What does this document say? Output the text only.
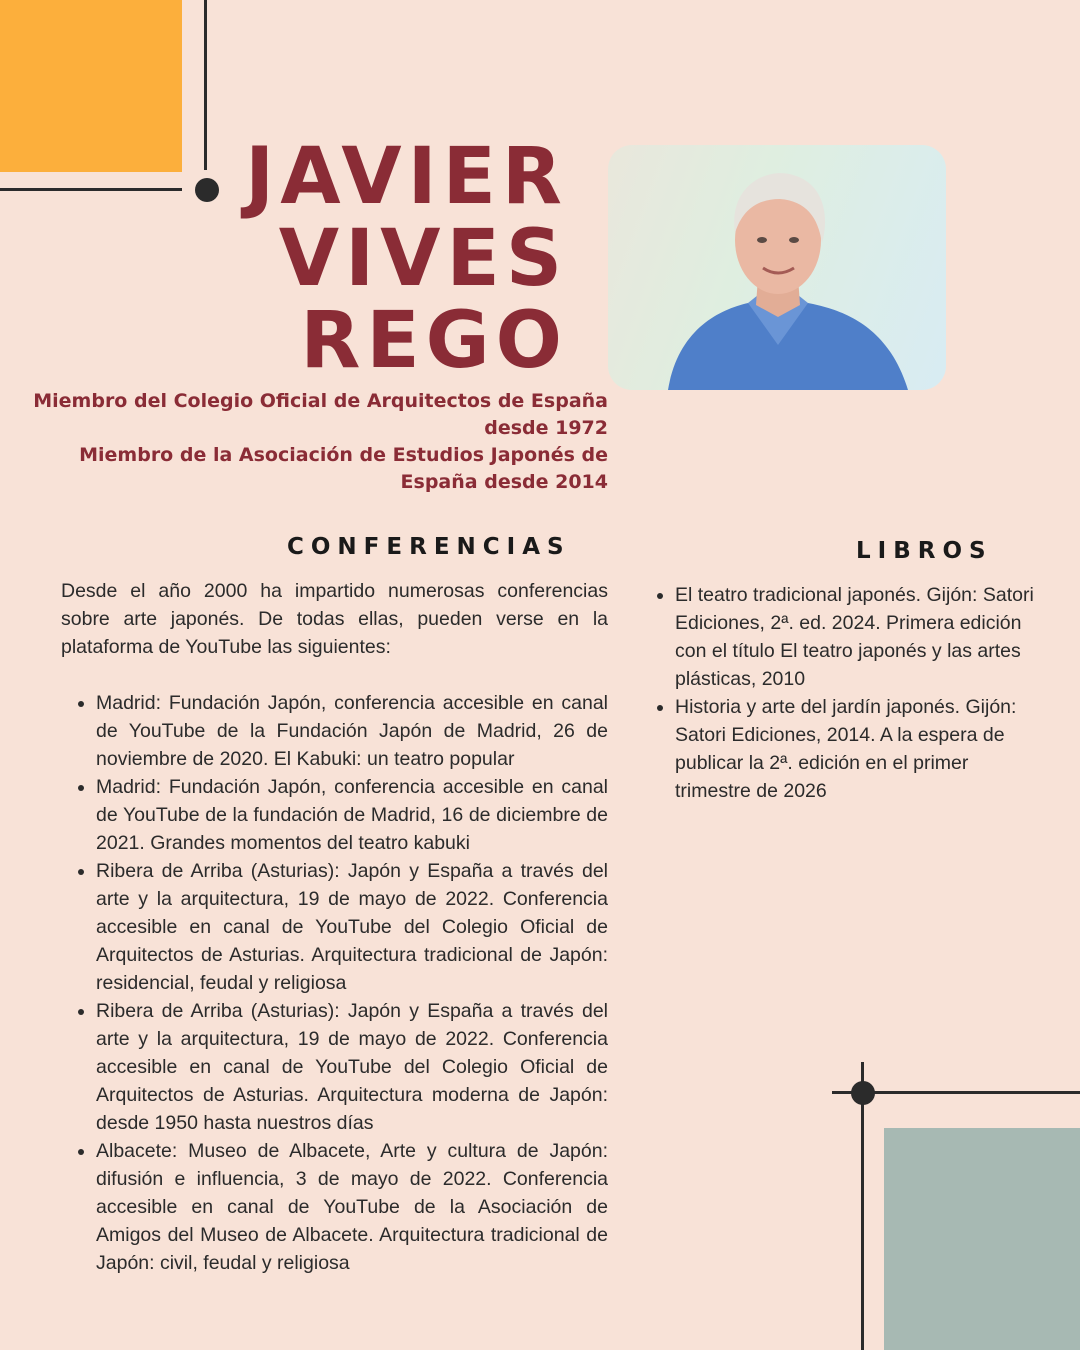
JAVIER
VIVES
REGO
Miembro del Colegio Oficial de Arquitectos de España desde 1972
Miembro de la Asociación de Estudios Japonés de España desde 2014
CONFERENCIAS	LIBROS

Desde el año 2000 ha impartido numerosas conferencias sobre arte japonés. De todas ellas, pueden verse en la plataforma de YouTube las siguientes:

• Madrid: Fundación Japón, conferencia accesible en canal de YouTube de la Fundación Japón de Madrid, 26 de noviembre de 2020. El Kabuki: un teatro popular
• Madrid: Fundación Japón, conferencia accesible en canal de YouTube de la fundación de Madrid, 16 de diciembre de 2021. Grandes momentos del teatro kabuki
• Ribera de Arriba (Asturias): Japón y España a través del arte y la arquitectura, 19 de mayo de 2022. Conferencia accesible en canal de YouTube del Colegio Oficial de Arquitectos de Asturias. Arquitectura tradicional de Japón: residencial, feudal y religiosa
• Ribera de Arriba (Asturias): Japón y España a través del arte y la arquitectura, 19 de mayo de 2022. Conferencia accesible en canal de YouTube del Colegio Oficial de Arquitectos de Asturias. Arquitectura moderna de Japón: desde 1950 hasta nuestros días
• Albacete: Museo de Albacete, Arte y cultura de Japón: difusión e influencia, 3 de mayo de 2022. Conferencia accesible en canal de YouTube de la Asociación de Amigos del Museo de Albacete. Arquitectura tradicional de Japón: civil, feudal y religiosa
• El teatro tradicional japonés. Gijón: Satori Ediciones, 2ª. ed. 2024. Primera edición con el título El teatro japonés y las artes plásticas, 2010
• Historia y arte del jardín japonés. Gijón: Satori Ediciones, 2014. A la espera de publicar la 2ª. edición en el primer trimestre de 2026
